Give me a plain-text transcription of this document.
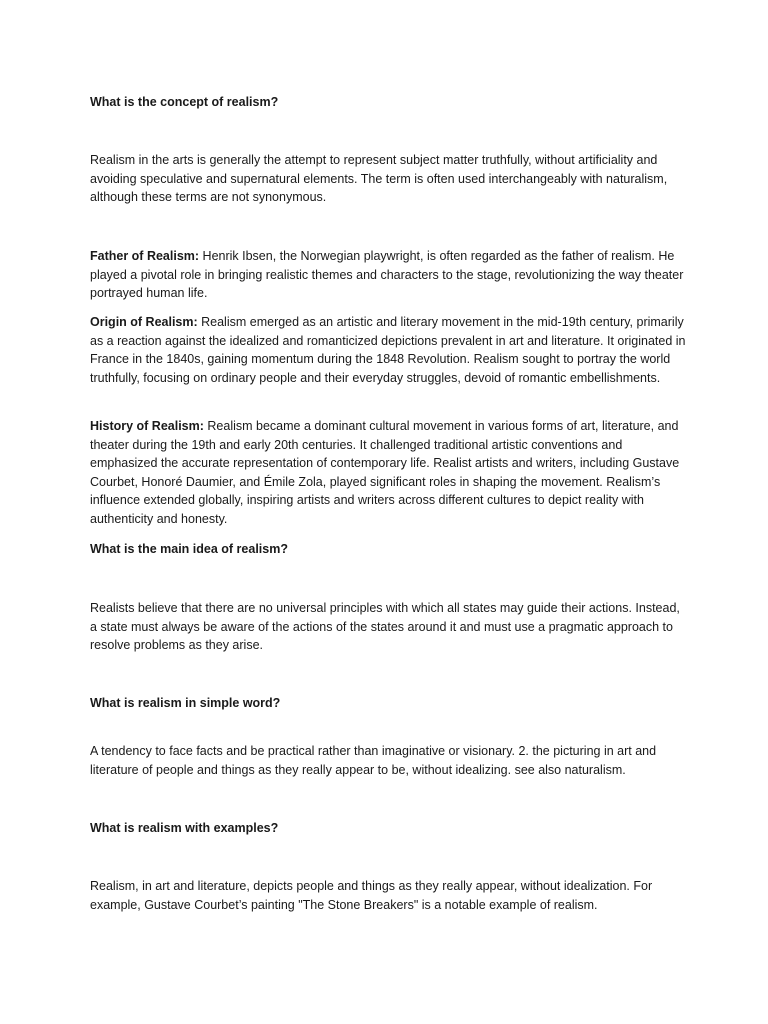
What is the concept of realism?

Realism in the arts is generally the attempt to represent subject matter truthfully, without artificiality and avoiding speculative and supernatural elements. The term is often used interchangeably with naturalism, although these terms are not synonymous.

Father of Realism: Henrik Ibsen, the Norwegian playwright, is often regarded as the father of realism. He played a pivotal role in bringing realistic themes and characters to the stage, revolutionizing the way theater portrayed human life.

Origin of Realism: Realism emerged as an artistic and literary movement in the mid-19th century, primarily as a reaction against the idealized and romanticized depictions prevalent in art and literature. It originated in France in the 1840s, gaining momentum during the 1848 Revolution. Realism sought to portray the world truthfully, focusing on ordinary people and their everyday struggles, devoid of romantic embellishments.

History of Realism: Realism became a dominant cultural movement in various forms of art, literature, and theater during the 19th and early 20th centuries. It challenged traditional artistic conventions and emphasized the accurate representation of contemporary life. Realist artists and writers, including Gustave Courbet, Honoré Daumier, and Émile Zola, played significant roles in shaping the movement. Realism’s influence extended globally, inspiring artists and writers across different cultures to depict reality with authenticity and honesty.

What is the main idea of realism?

Realists believe that there are no universal principles with which all states may guide their actions. Instead, a state must always be aware of the actions of the states around it and must use a pragmatic approach to resolve problems as they arise.

What is realism in simple word?

A tendency to face facts and be practical rather than imaginative or visionary. 2. the picturing in art and literature of people and things as they really appear to be, without idealizing. see also naturalism.

What is realism with examples?

Realism, in art and literature, depicts people and things as they really appear, without idealization. For example, Gustave Courbet’s painting "The Stone Breakers" is a notable example of realism.
